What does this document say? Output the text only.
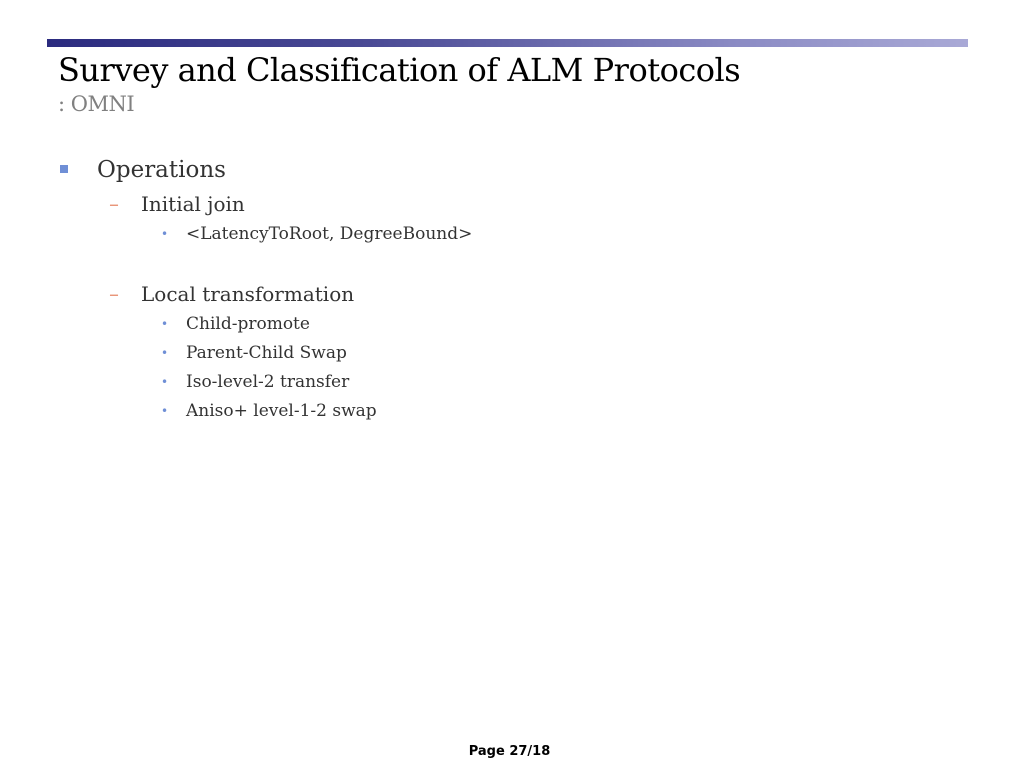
Survey and Classification of ALM Protocols
: OMNI
Operations
– Initial join
• <LatencyToRoot, DegreeBound>
– Local transformation
• Child-promote
• Parent-Child Swap
• Iso-level-2 transfer
• Aniso+ level-1-2 swap
Page 27/18
